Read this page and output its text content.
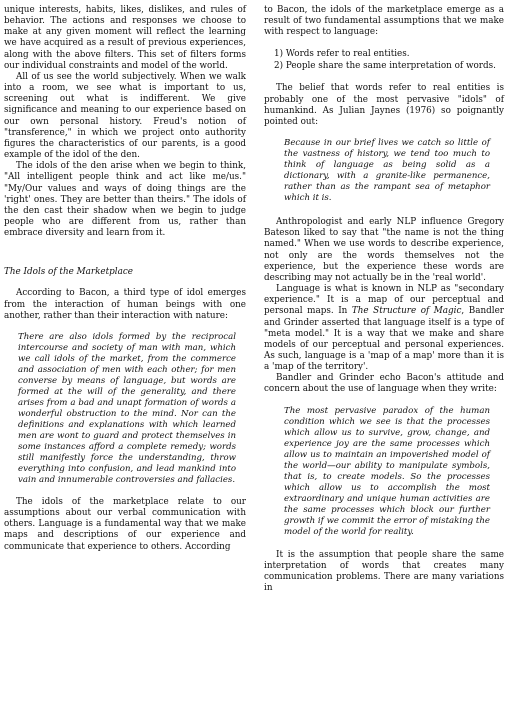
unique interests, habits, likes, dislikes, and rules of behavior. The actions and responses we choose to make at any given moment will reflect the learning we have acquired as a result of previous experiences, along with the above filters. This set of filters forms our individual constraints and model of the world.

All of us see the world subjectively. When we walk into a room, we see what is important to us, screening out what is indifferent. We give significance and meaning to our experience based on our own personal history. Freud's notion of "transference," in which we project onto authority figures the characteristics of our parents, is a good example of the idol of the den.

The idols of the den arise when we begin to think, "All intelligent people think and act like me/us." "My/Our values and ways of doing things are the 'right' ones. They are better than theirs." The idols of the den cast their shadow when we begin to judge people who are different from us, rather than embrace diversity and learn from it.

The Idols of the Marketplace

According to Bacon, a third type of idol emerges from the interaction of human beings with one another, rather than their interaction with nature:

There are also idols formed by the reciprocal intercourse and society of man with man, which we call idols of the market, from the commerce and association of men with each other; for men converse by means of language, but words are formed at the will of the generality, and there arises from a bad and unapt formation of words a wonderful obstruction to the mind. Nor can the definitions and explanations with which learned men are wont to guard and protect themselves in some instances afford a complete remedy; words still manifestly force the understanding, throw everything into confusion, and lead mankind into vain and innumerable controversies and fallacies.

The idols of the marketplace relate to our assumptions about our verbal communication with others. Language is a fundamental way that we make maps and descriptions of our experience and communicate that experience to others. According

to Bacon, the idols of the marketplace emerge as a result of two fundamental assumptions that we make with respect to language:

1) Words refer to real entities.
2) People share the same interpretation of words.

The belief that words refer to real entities is probably one of the most pervasive "idols" of humankind. As Julian Jaynes (1976) so poignantly pointed out:

Because in our brief lives we catch so little of the vastness of history, we tend too much to think of language as being solid as a dictionary, with a granite-like permanence, rather than as the rampant sea of metaphor which it is.

Anthropologist and early NLP influence Gregory Bateson liked to say that "the name is not the thing named." When we use words to describe experience, not only are the words themselves not the experience, but the experience these words are describing may not actually be in the 'real world'.

Language is what is known in NLP as "secondary experience." It is a map of our perceptual and personal maps. In The Structure of Magic, Bandler and Grinder asserted that language itself is a type of "meta model." It is a way that we make and share models of our perceptual and personal experiences. As such, language is a 'map of a map' more than it is a 'map of the territory'.

Bandler and Grinder echo Bacon's attitude and concern about the use of language when they write:

The most pervasive paradox of the human condition which we see is that the processes which allow us to survive, grow, change, and experience joy are the same processes which allow us to maintain an impoverished model of the world—our ability to manipulate symbols, that is, to create models. So the processes which allow us to accomplish the most extraordinary and unique human activities are the same processes which block our further growth if we commit the error of mistaking the model of the world for reality.

It is the assumption that people share the same interpretation of words that creates many communication problems. There are many variations in
